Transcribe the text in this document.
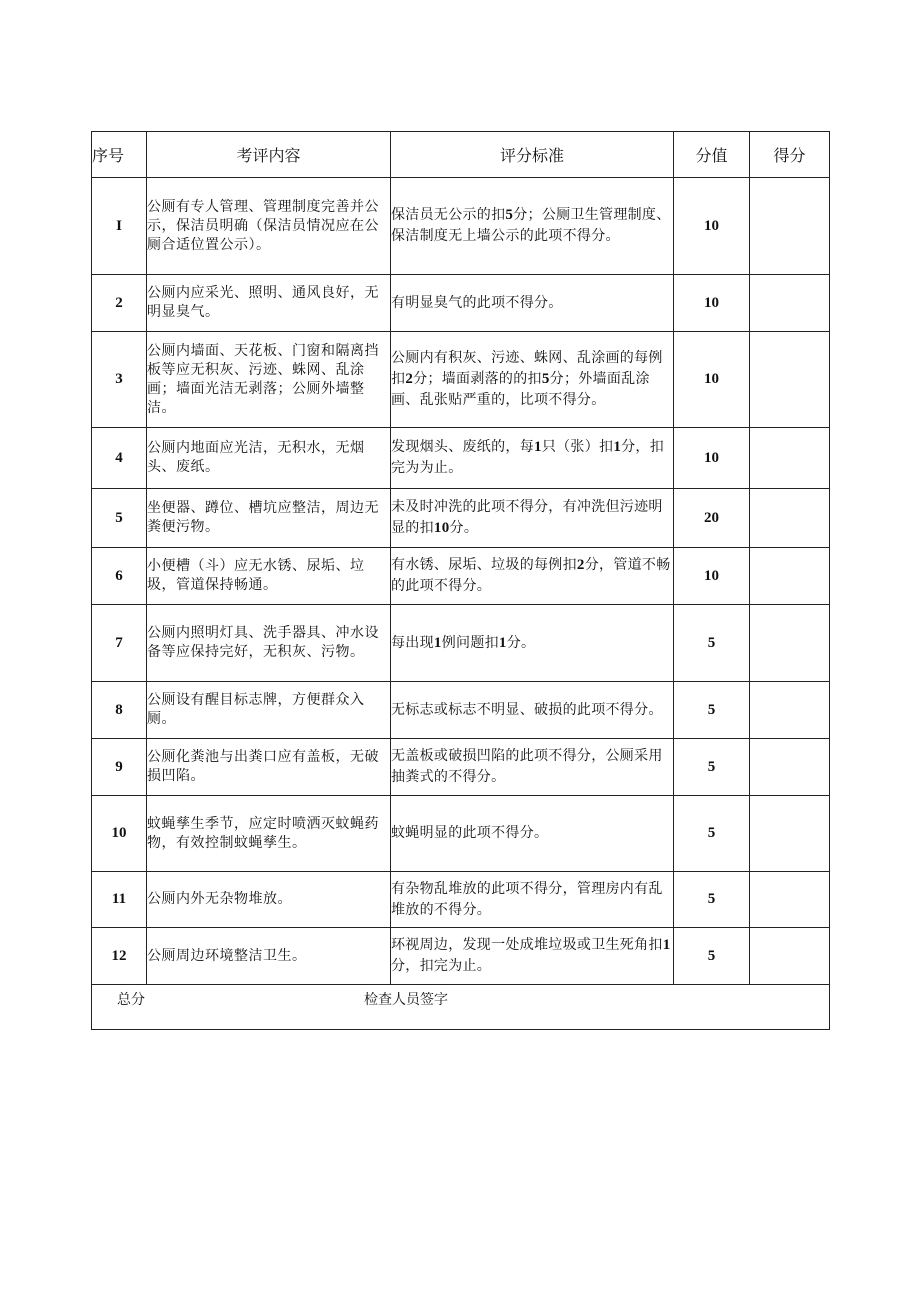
序号	考评内容	评分标准	分值	得分
I	公厕有专人管理、管理制度完善并公示，保洁员明确（保洁员情况应在公厕合适位置公示）。	保洁员无公示的扣5分；公厕卫生管理制度、保洁制度无上墙公示的此项不得分。	10	
2	公厕内应采光、照明、通风良好，无明显臭气。	有明显臭气的此项不得分。	10	
3	公厕内墙面、天花板、门窗和隔离挡板等应无积灰、污迹、蛛网、乱涂画；墙面光洁无剥落；公厕外墙整洁。	公厕内有积灰、污迹、蛛网、乱涂画的每例扣2分；墙面剥落的的扣5分；外墙面乱涂画、乱张贴严重的，比项不得分。	10	
4	公厕内地面应光洁，无积水，无烟头、废纸。	发现烟头、废纸的，每1只（张）扣1分，扣完为为止。	10	
5	坐便器、蹲位、槽坑应整洁，周边无粪便污物。	未及时冲洗的此项不得分，有冲洗但污迹明显的扣10分。	20	
6	小便槽（斗）应无水锈、尿垢、垃圾，管道保持畅通。	有水锈、尿垢、垃圾的每例扣2分，管道不畅的此项不得分。	10	
7	公厕内照明灯具、洗手器具、冲水设备等应保持完好，无积灰、污物。	每出现1例问题扣1分。	5	
8	公厕设有醒目标志牌，方便群众入厕。	无标志或标志不明显、破损的此项不得分。	5	
9	公厕化粪池与出粪口应有盖板，无破损凹陷。	无盖板或破损凹陷的此项不得分，公厕采用抽粪式的不得分。	5	
10	蚊蝇孳生季节，应定时喷洒灭蚊蝇药物，有效控制蚊蝇孳生。	蚊蝇明显的此项不得分。	5	
11	公厕内外无杂物堆放。	有杂物乱堆放的此项不得分，管理房内有乱堆放的不得分。	5	
12	公厕周边环境整洁卫生。	环视周边，发现一处成堆垃圾或卫生死角扣1分，扣完为止。	5	

总分 检查人员签字				
